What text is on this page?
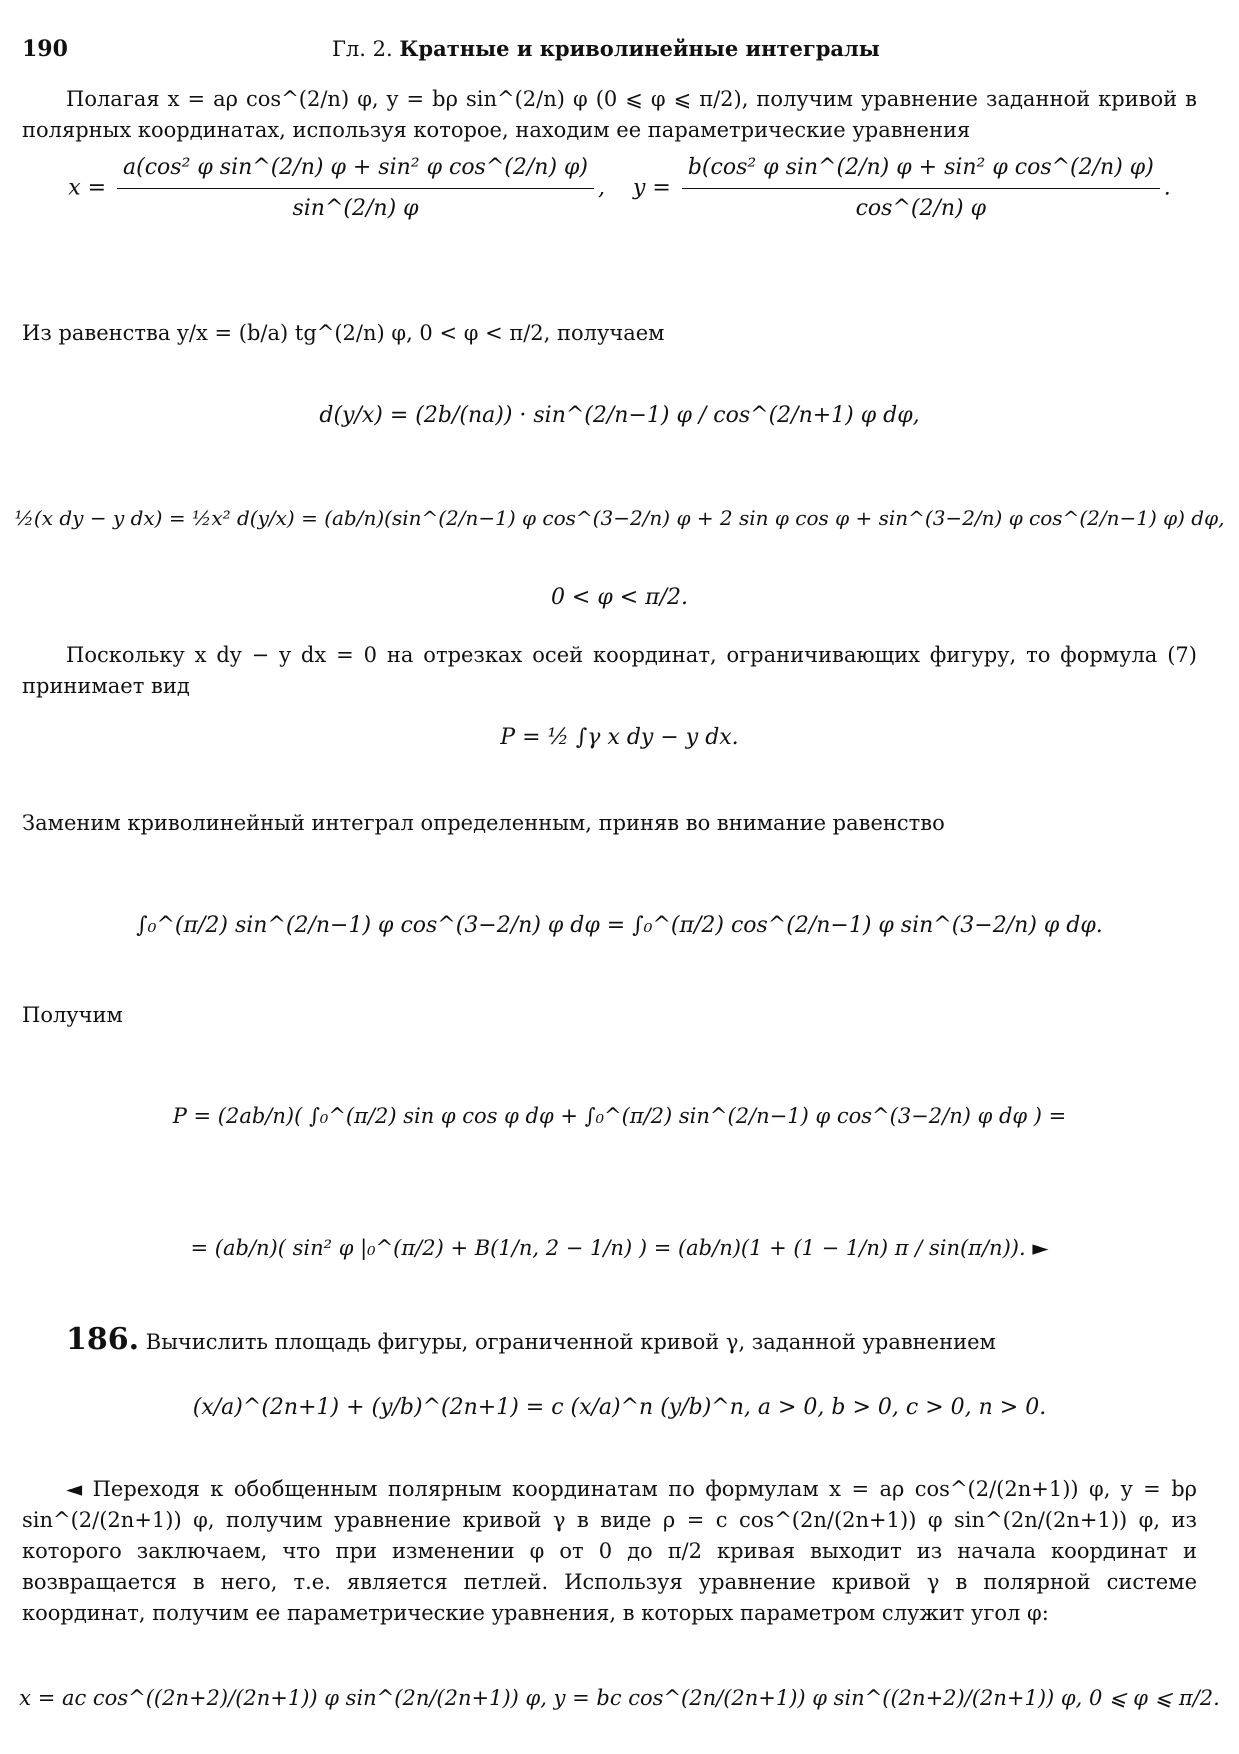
190	Гл. 2. Кратные и криволинейные интегралы
Полагая x = aρ cos^(2/n) φ, y = bρ sin^(2/n) φ (0 ⩽ φ ⩽ π/2), получим уравнение заданной кривой в полярных координатах, используя которое, находим ее параметрические уравнения
$x = \frac{\text{a(cos² φ sin\textasciicircum{}(2/n) φ + sin² φ cos\textasciicircum{}(2/n) φ)}}{\sin\^{}(2/n) \varphi}$ ,    $y = \frac{\text{b(cos² φ sin\textasciicircum{}(2/n) φ + sin² φ cos\textasciicircum{}(2/n) φ)}}{\cos\^{}(2/n) \varphi}$ .
Из равенства y/x = (b/a) tg^(2/n) φ, 0 < φ < π/2, получаем
d(y/x) = (2b/(na)) · sin^(2/n−1) φ / cos^(2/n+1) φ dφ,
½(x dy − y dx) = ½x² d(y/x) = (ab/n)(sin^(2/n−1) φ cos^(3−2/n) φ + 2 sin φ cos φ + sin^(3−2/n) φ cos^(2/n−1) φ) dφ,
0 < φ < π/2.
Поскольку x dy − y dx = 0 на отрезках осей координат, ограничивающих фигуру, то формула (7) принимает вид
P = ½ ∫γ x dy − y dx.
Заменим криволинейный интеграл определенным, приняв во внимание равенство
∫₀^(π/2) sin^(2/n−1) φ cos^(3−2/n) φ dφ = ∫₀^(π/2) cos^(2/n−1) φ sin^(3−2/n) φ dφ.
Получим
P = (2ab/n)( ∫₀^(π/2) sin φ cos φ dφ + ∫₀^(π/2) sin^(2/n−1) φ cos^(3−2/n) φ dφ ) =
= (ab/n)( sin² φ |₀^(π/2) + B(1/n, 2 − 1/n) ) = (ab/n)(1 + (1 − 1/n) π / sin(π/n)). ►
186. Вычислить площадь фигуры, ограниченной кривой γ, заданной уравнением
(x/a)^(2n+1) + (y/b)^(2n+1) = c (x/a)^n (y/b)^n, a > 0, b > 0, c > 0, n > 0.
◄ Переходя к обобщенным полярным координатам по формулам x = aρ cos^(2/(2n+1)) φ, y = bρ sin^(2/(2n+1)) φ, получим уравнение кривой γ в виде ρ = c cos^(2n/(2n+1)) φ sin^(2n/(2n+1)) φ, из которого заключаем, что при изменении φ от 0 до π/2 кривая выходит из начала координат и возвращается в него, т.е. является петлей. Используя уравнение кривой γ в полярной системе координат, получим ее параметрические уравнения, в которых параметром служит угол φ:
x = ac cos^((2n+2)/(2n+1)) φ sin^(2n/(2n+1)) φ, y = bc cos^(2n/(2n+1)) φ sin^((2n+2)/(2n+1)) φ, 0 ⩽ φ ⩽ π/2.
